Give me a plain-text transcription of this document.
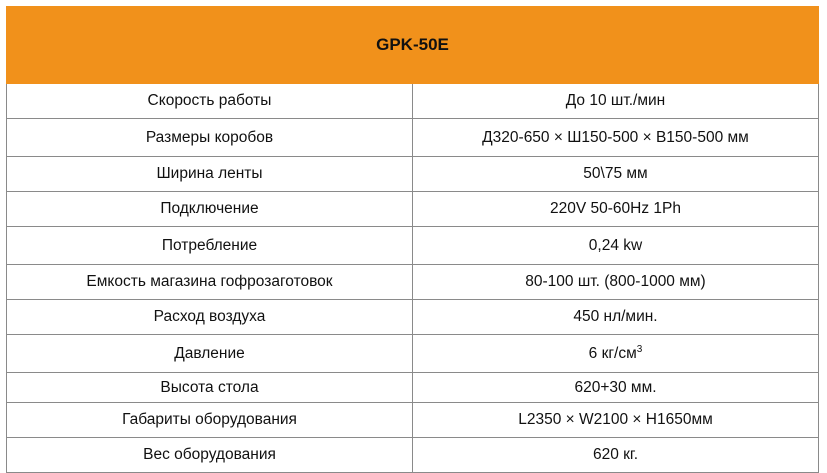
GPK-50E	
Скорость работы	До 10 шт./мин
Размеры коробов	Д320-650 × Ш150-500 × В150-500 мм
Ширина ленты	50\75 мм
Подключение	220V 50-60Hz 1Ph
Потребление	0,24 kw
Емкость магазина гофрозаготовок	80-100 шт. (800-1000 мм)
Расход воздуха	450 нл/мин.
Давление	6 $кг/см^3$
Высота стола	620+30 мм.
Габариты оборудования	L2350 × W2100 × H1650мм
Вес оборудования	620 кг.
